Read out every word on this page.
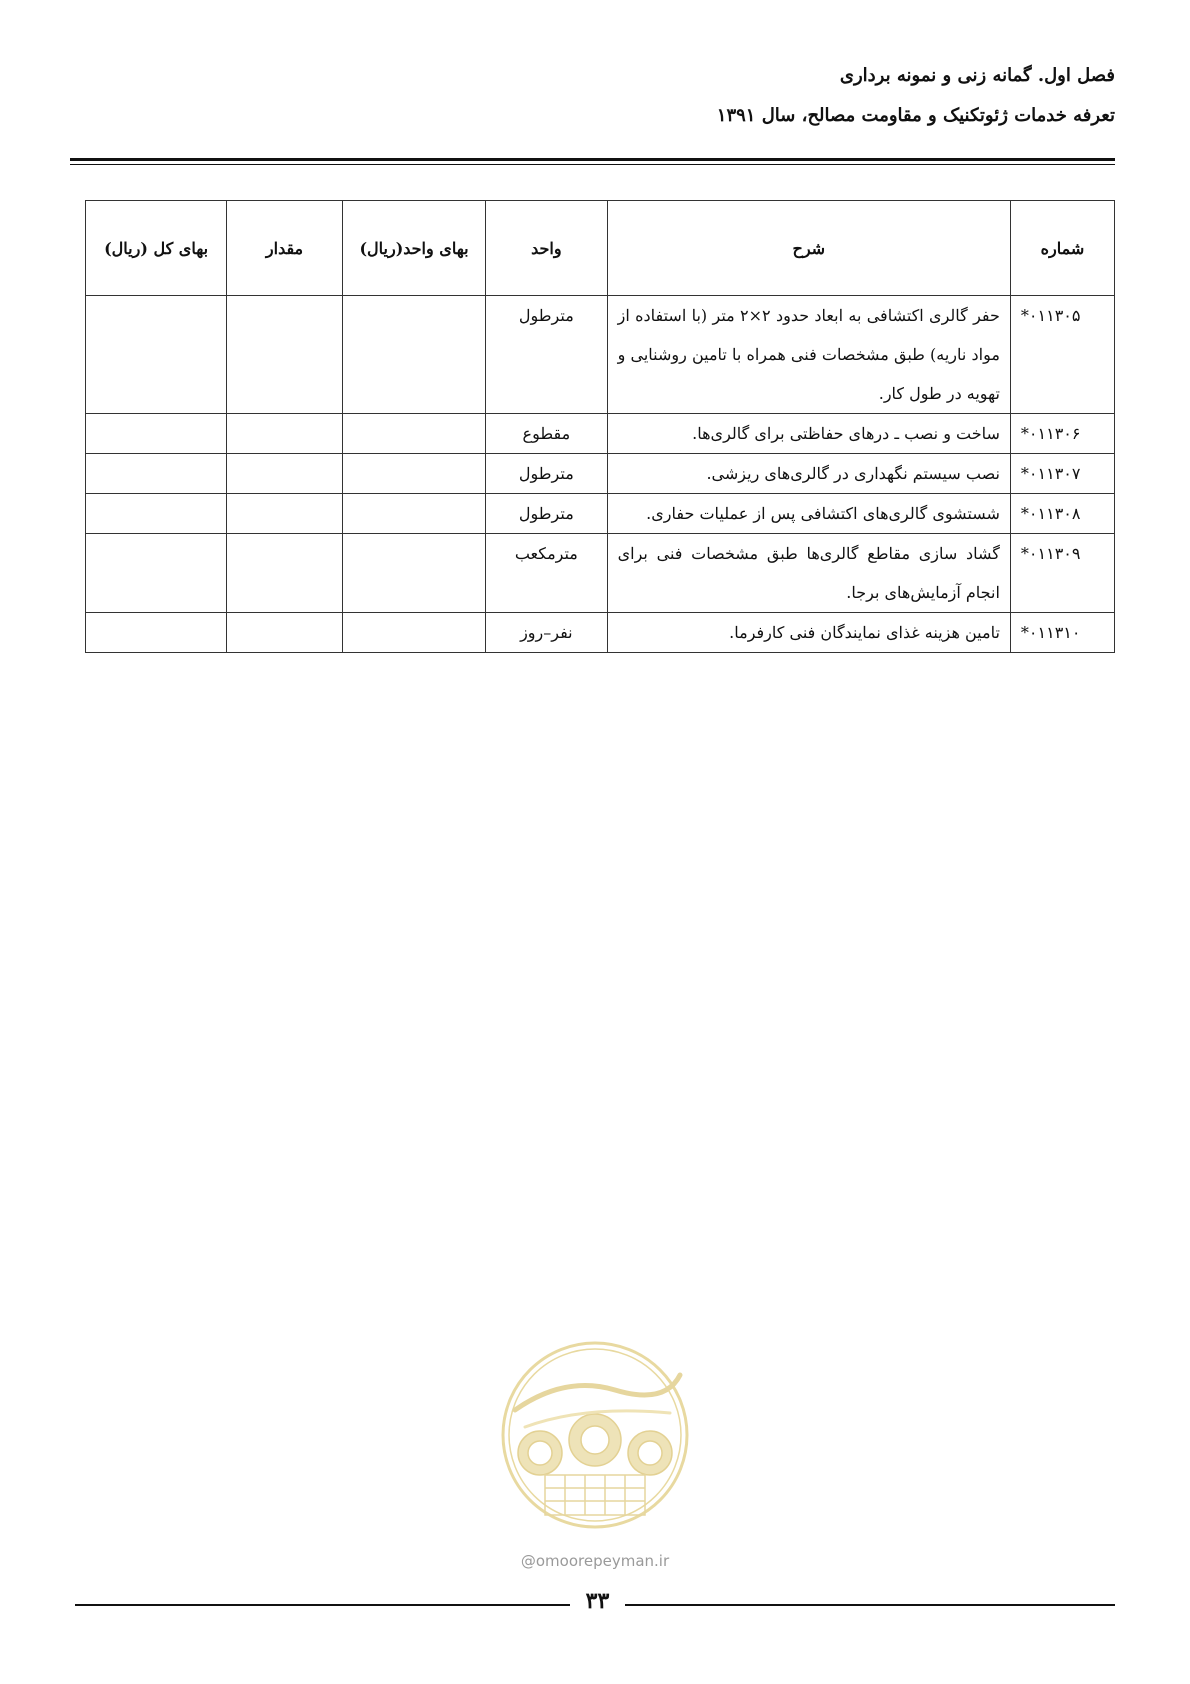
فصل اول. گمانه زنی و نمونه برداری
تعرفه خدمات ژئوتکنیک و مقاومت مصالح، سال ۱۳۹۱
شماره	شرح	واحد	بهای واحد(ریال)	مقدار	بهای کل (ریال)
*۰۱۱۳۰۵	حفر گالری اکتشافی به ابعاد حدود ۲×۲ متر (با استفاده از مواد ناریه) طبق مشخصات فنی همراه با تامین روشنایی و تهویه در طول کار.	مترطول			
*۰۱۱۳۰۶	ساخت و نصب ـ درهای حفاظتی برای گالری‌ها.	مقطوع			
*۰۱۱۳۰۷	نصب سیستم نگهداری در گالری‌های ریزشی.	مترطول			
*۰۱۱۳۰۸	شستشوی گالری‌های اکتشافی پس از عملیات حفاری.	مترطول			
*۰۱۱۳۰۹	گشاد سازی مقاطع گالری‌ها طبق مشخصات فنی برای انجام آزمایش‌های برجا.	مترمکعب			
*۰۱۱۳۱۰	تامین هزینه غذای نمایندگان فنی کارفرما.	نفر–روز			
@omoorepeyman.ir
۳۳
